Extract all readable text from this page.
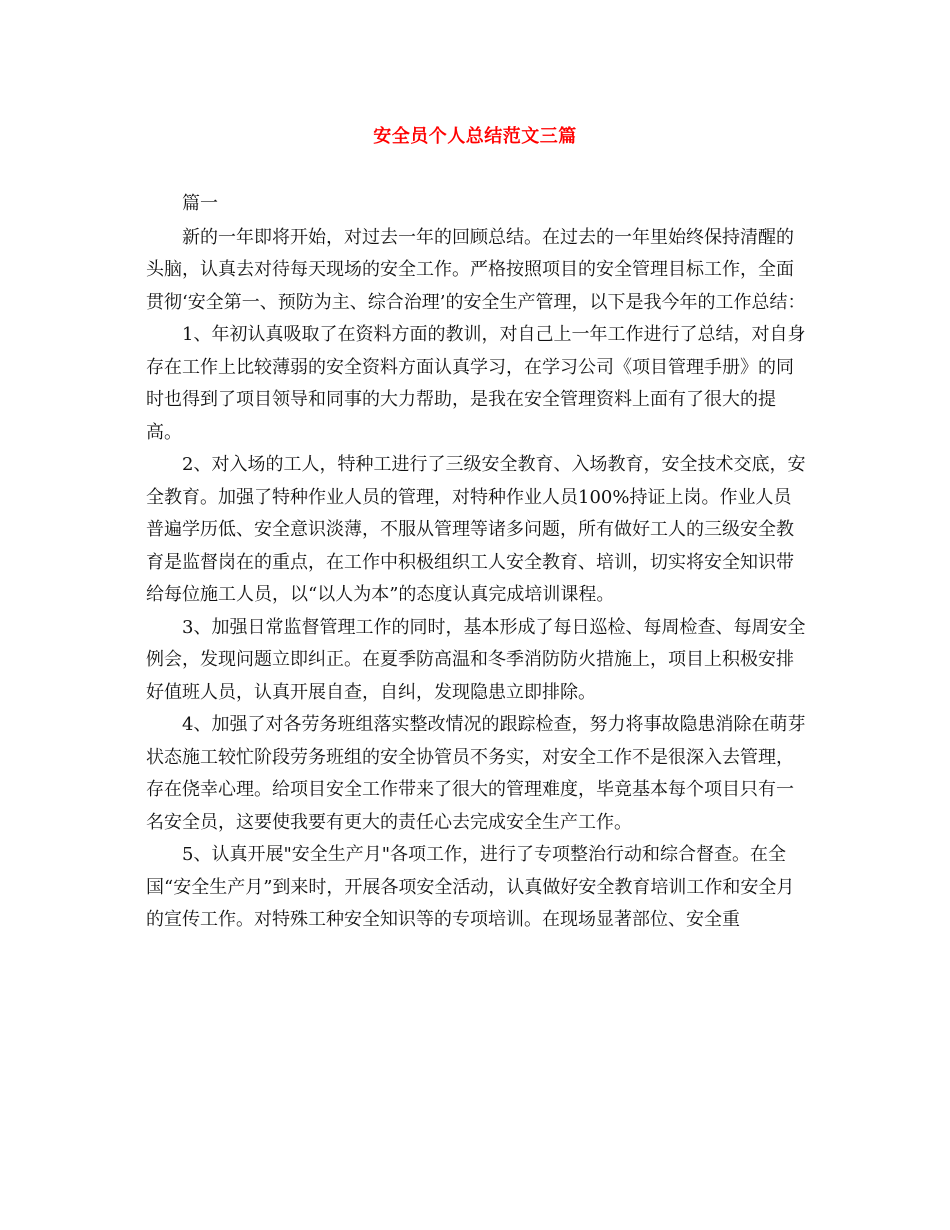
安全员个人总结范文三篇

篇一

新的一年即将开始，对过去一年的回顾总结。在过去的一年里始终保持清醒的头脑，认真去对待每天现场的安全工作。严格按照项目的安全管理目标工作，全面贯彻‘安全第一、预防为主、综合治理’的安全生产管理，以下是我今年的工作总结：

1、年初认真吸取了在资料方面的教训，对自己上一年工作进行了总结，对自身存在工作上比较薄弱的安全资料方面认真学习，在学习公司《项目管理手册》的同时也得到了项目领导和同事的大力帮助，是我在安全管理资料上面有了很大的提高。

2、对入场的工人，特种工进行了三级安全教育、入场教育，安全技术交底，安全教育。加强了特种作业人员的管理，对特种作业人员100%持证上岗。作业人员普遍学历低、安全意识淡薄，不服从管理等诸多问题，所有做好工人的三级安全教育是监督岗在的重点，在工作中积极组织工人安全教育、培训，切实将安全知识带给每位施工人员，以“以人为本”的态度认真完成培训课程。

3、加强日常监督管理工作的同时，基本形成了每日巡检、每周检查、每周安全例会，发现问题立即纠正。在夏季防高温和冬季消防防火措施上，项目上积极安排好值班人员，认真开展自查，自纠，发现隐患立即排除。

4、加强了对各劳务班组落实整改情况的跟踪检查，努力将事故隐患消除在萌芽状态施工较忙阶段劳务班组的安全协管员不务实，对安全工作不是很深入去管理，存在侥幸心理。给项目安全工作带来了很大的管理难度，毕竟基本每个项目只有一名安全员，这要使我要有更大的责任心去完成安全生产工作。

5、认真开展"安全生产月"各项工作，进行了专项整治行动和综合督查。在全国“安全生产月”到来时，开展各项安全活动，认真做好安全教育培训工作和安全月的宣传工作。对特殊工种安全知识等的专项培训。在现场显著部位、安全重
